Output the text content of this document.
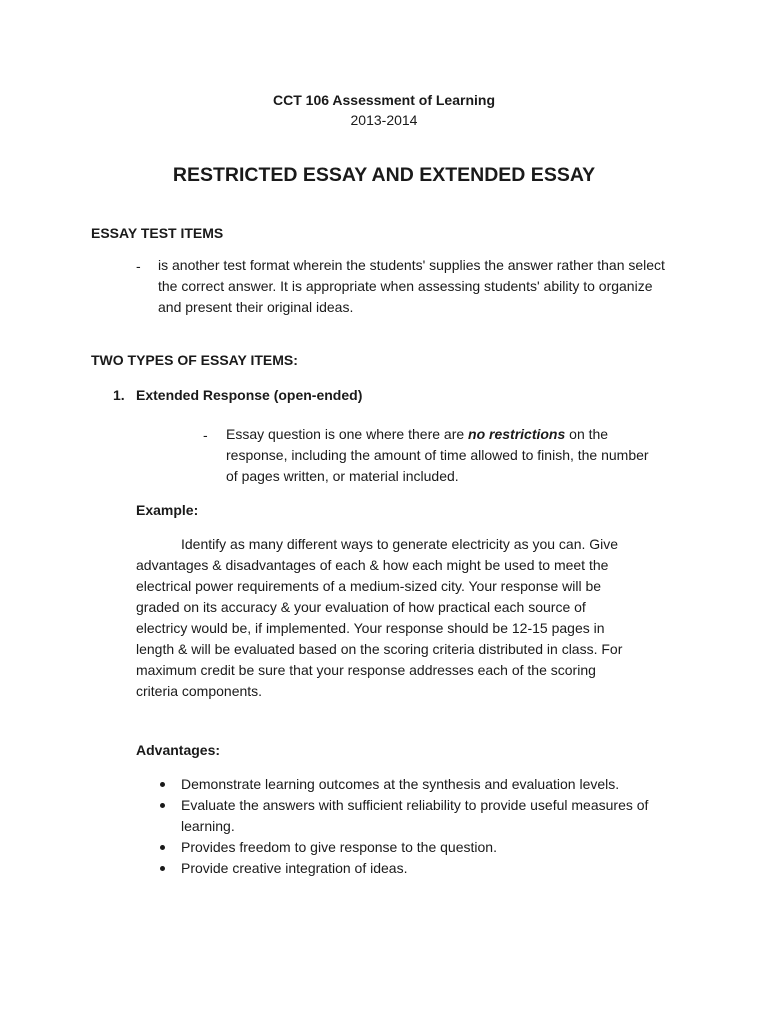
CCT 106 Assessment of Learning

2013-2014

RESTRICTED ESSAY AND EXTENDED ESSAY

ESSAY TEST ITEMS

- is another test format wherein the students' supplies the answer rather than select the correct answer. It is appropriate when assessing students' ability to organize and present their original ideas.

TWO TYPES OF ESSAY ITEMS:

1. Extended Response (open-ended)

- Essay question is one where there are no restrictions on the response, including the amount of time allowed to finish, the number of pages written, or material included.

Example:

Identify as many different ways to generate electricity as you can. Give advantages & disadvantages of each & how each might be used to meet the electrical power requirements of a medium-sized city. Your response will be graded on its accuracy & your evaluation of how practical each source of electricy would be, if implemented. Your response should be 12-15 pages in length & will be evaluated based on the scoring criteria distributed in class. For maximum credit be sure that your response addresses each of the scoring criteria components.

Advantages:

Demonstrate learning outcomes at the synthesis and evaluation levels.
Evaluate the answers with sufficient reliability to provide useful measures of learning.
Provides freedom to give response to the question.
Provide creative integration of ideas.
